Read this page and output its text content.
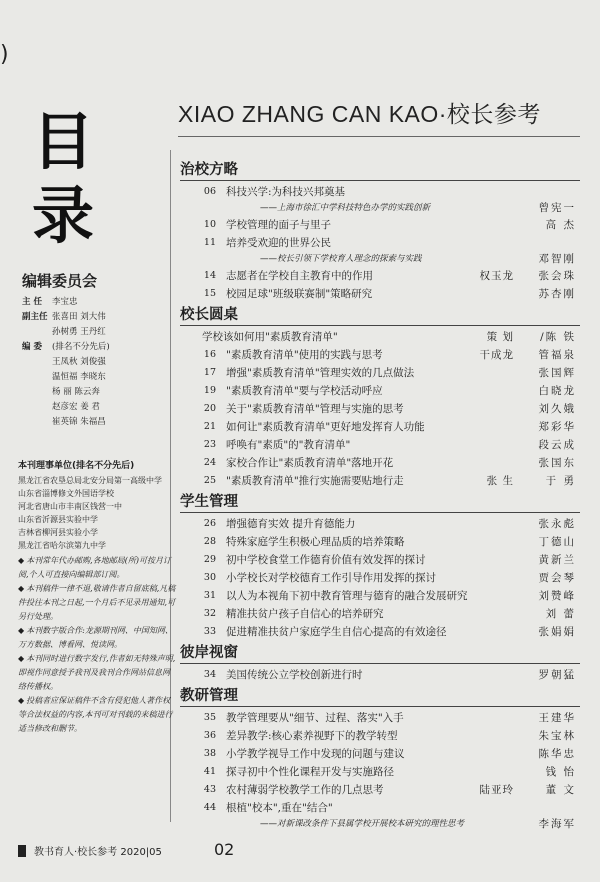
)
目
录
XIAO ZHANG CAN KAO·校长参考
编辑委员会
主 任	李宝忠
副主任 张喜田 刘大伟
孙树勇 王丹红
编 委	(排名不分先后)
王凤秋 刘俊强
温恒福 李晓东
杨 丽 陈云奔
赵彦宏 姜 君
崔英锦 朱福昌
本刊理事单位(排名不分先后)
黑龙江省农垦总局北安分局第一高级中学
山东省淄博修文外国语学校
河北省唐山市丰南区钱营一中
山东省沂源县实验中学
吉林省柳河县实验小学
黑龙江省哈尔滨第九中学
◆ 本刊常年代办邮购,各地邮局(所)可按月订阅,个人可直接向编辑部订阅。
◆ 本刊稿件一律不退,敬请作者自留底稿,凡稿件投往本刊之日起,一个月后不见录用通知,可另行处理。
◆ 本刊数字版合作:龙源期刊网、中国知网、万方数据、博看网、悦读网。
◆ 本刊同时进行数字发行,作者如无特殊声明,即视作同意授予我刊及我刊合作网站信息网络传播权。
◆ 投稿者应保证稿件不含有侵犯他人著作权等合法权益的内容,本刊可对刊载的来稿进行适当修改和删节。
治校方略
06 科技兴学:为科技兴邦奠基
——上海市徐汇中学科技特色办学的实践创新	曾宪一
10 学校管理的面子与里子	高 杰
11 培养受欢迎的世界公民
——校长引领下学校育人理念的探索与实践	邓智刚
14 志愿者在学校自主教育中的作用	权玉龙 张会珠
15 校园足球"班级联赛制"策略研究	苏杏刚
校长圆桌
学校该如何用"素质教育清单"	策 划 /陈 铁
16 "素质教育清单"使用的实践与思考	干成龙 管福泉
17 增强"素质教育清单"管理实效的几点做法	张国辉
19 "素质教育清单"要与学校活动呼应	白晓龙
20 关于"素质教育清单"管理与实施的思考	刘久娥
21 如何让"素质教育清单"更好地发挥育人功能	郑彩华
23 呼唤有"素质"的"教育清单"	段云成
24 家校合作让"素质教育清单"落地开花	张国东
25 "素质教育清单"推行实施需要贴地行走	张 生	于 勇
学生管理
26 增强德育实效 提升育德能力	张永彪
28 特殊家庭学生积极心理品质的培养策略	丁德山
29 初中学校食堂工作德育价值有效发挥的探讨	黄新兰
30 小学校长对学校德育工作引导作用发挥的探讨	贾会琴
31 以人为本视角下初中教育管理与德育的融合发展研究	刘赞峰
32 精准扶贫户孩子自信心的培养研究	刘 蕾
33 促进精准扶贫户家庭学生自信心提高的有效途径	张娟娟
彼岸视窗
34 美国传统公立学校创新进行时	罗朝猛
教研管理
35 教学管理要从"细节、过程、落实"入手	王建华
36 差异教学:核心素养视野下的教学转型	朱宝林
38 小学教学视导工作中发现的问题与建议	陈华忠
41 探寻初中个性化课程开发与实施路径	钱 怡
43 农村薄弱学校教学工作的几点思考	陆亚玲	董 文
44 根植"校本",重在"结合"
——对新课改条件下县属学校开展校本研究的理性思考	李海军
教书育人·校长参考 2020|05	02
